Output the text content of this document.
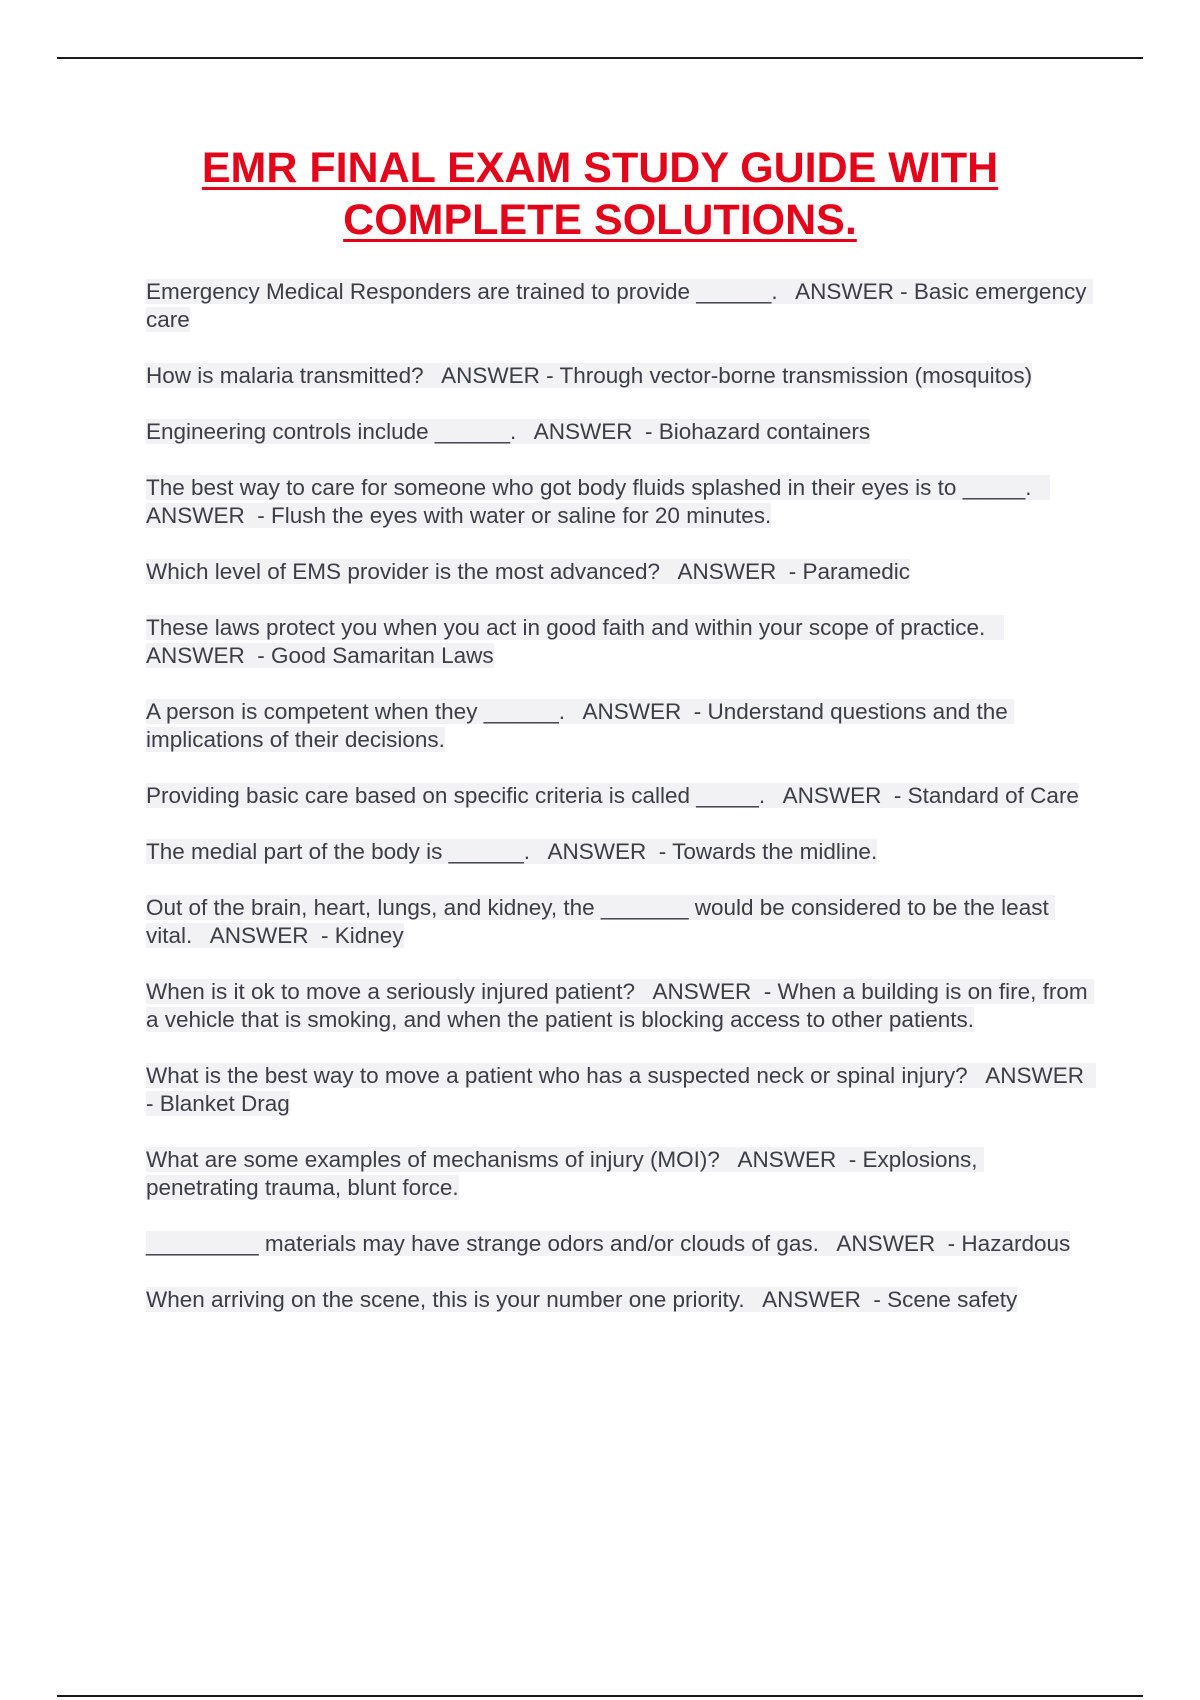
EMR FINAL EXAM STUDY GUIDE WITH
COMPLETE SOLUTIONS.
Emergency Medical Responders are trained to provide ______.   ANSWER - Basic emergency care
How is malaria transmitted?   ANSWER - Through vector-borne transmission (mosquitos)
Engineering controls include ______.   ANSWER  - Biohazard containers
The best way to care for someone who got body fluids splashed in their eyes is to _____.   ANSWER  - Flush the eyes with water or saline for 20 minutes.
Which level of EMS provider is the most advanced?   ANSWER  - Paramedic
These laws protect you when you act in good faith and within your scope of practice.   ANSWER  - Good Samaritan Laws
A person is competent when they ______.   ANSWER  - Understand questions and the implications of their decisions.
Providing basic care based on specific criteria is called _____.   ANSWER  - Standard of Care
The medial part of the body is ______.   ANSWER  - Towards the midline.
Out of the brain, heart, lungs, and kidney, the _______ would be considered to be the least vital.   ANSWER  - Kidney
When is it ok to move a seriously injured patient?   ANSWER  - When a building is on fire, from a vehicle that is smoking, and when the patient is blocking access to other patients.
What is the best way to move a patient who has a suspected neck or spinal injury?   ANSWER  - Blanket Drag
What are some examples of mechanisms of injury (MOI)?   ANSWER  - Explosions, penetrating trauma, blunt force.
_________ materials may have strange odors and/or clouds of gas.   ANSWER  - Hazardous
When arriving on the scene, this is your number one priority.   ANSWER  - Scene safety
